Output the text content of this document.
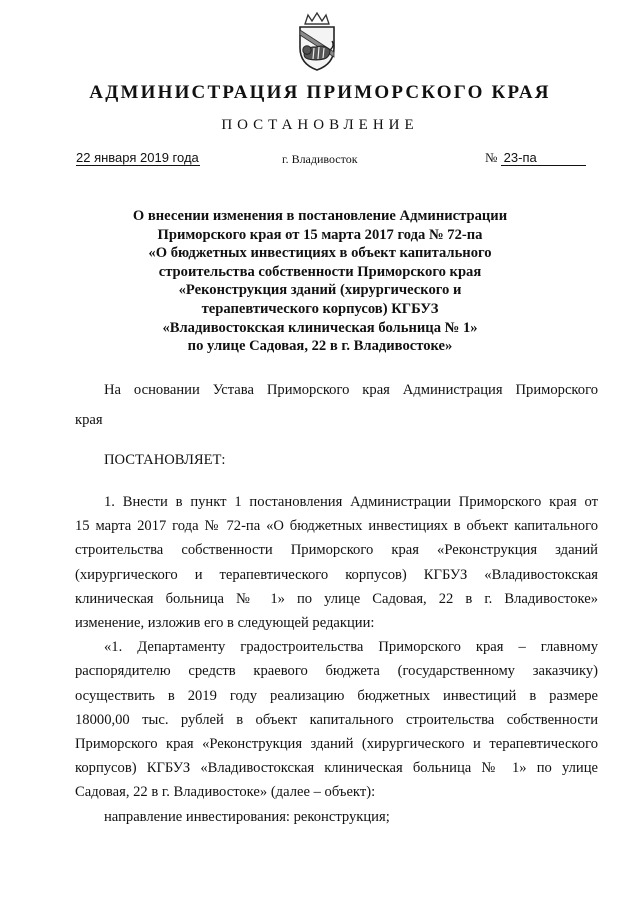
АДМИНИСТРАЦИЯ ПРИМОРСКОГО КРАЯ
ПОСТАНОВЛЕНИЕ
22 января 2019 года	г. Владивосток	№ 23-па
О внесении изменения в постановление Администрации
Приморского края от 15 марта 2017 года № 72-па
«О бюджетных инвестициях в объект капитального
строительства собственности Приморского края
«Реконструкция зданий (хирургического и
терапевтического корпусов) КГБУЗ
«Владивостокская клиническая больница № 1»
по улице Садовая, 22 в г. Владивостоке»

На основании Устава Приморского края Администрация Приморского
края

ПОСТАНОВЛЯЕТ:

1. Внести в пункт 1 постановления Администрации Приморского края от
15 марта 2017 года № 72-па «О бюджетных инвестициях в объект капитального
строительства собственности Приморского края «Реконструкция зданий
(хирургического и терапевтического корпусов) КГБУЗ «Владивостокская
клиническая больница № 1» по улице Садовая, 22 в г. Владивостоке»
изменение, изложив его в следующей редакции:
«1. Департаменту градостроительства Приморского края – главному
распорядителю средств краевого бюджета (государственному заказчику)
осуществить в 2019 году реализацию бюджетных инвестиций в размере
18000,00 тыс. рублей в объект капитального строительства собственности
Приморского края «Реконструкция зданий (хирургического и терапевтического
корпусов) КГБУЗ «Владивостокская клиническая больница № 1» по улице
Садовая, 22 в г. Владивостоке» (далее – объект):
направление инвестирования: реконструкция;
